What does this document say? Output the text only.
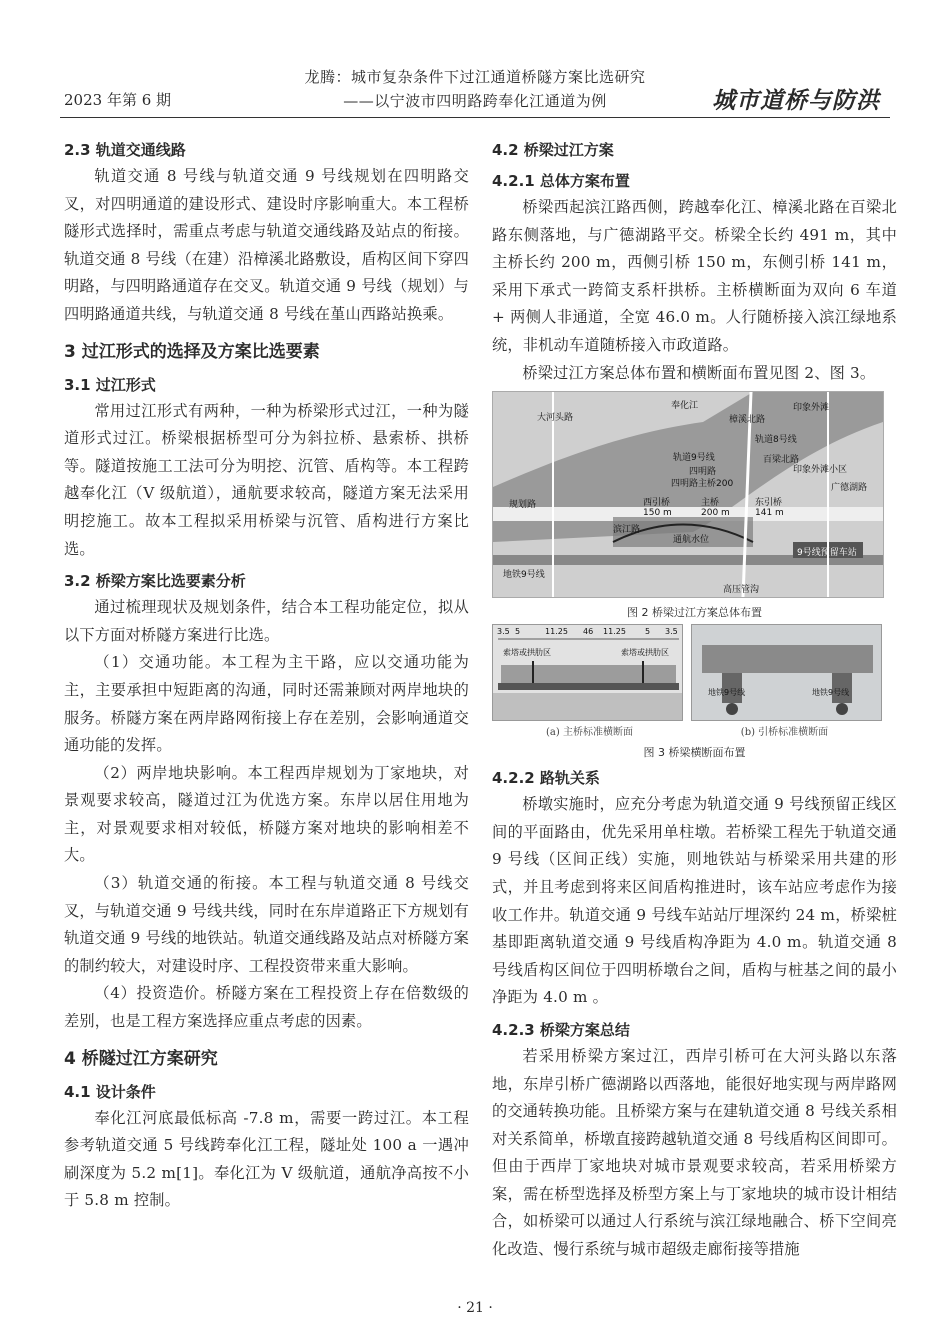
2023 年第 6 期
龙腾：城市复杂条件下过江通道桥隧方案比选研究
——以宁波市四明路跨奉化江通道为例	城市道桥与防洪
2.3 轨道交通线路

轨道交通 8 号线与轨道交通 9 号线规划在四明路交叉，对四明通道的建设形式、建设时序影响重大。本工程桥隧形式选择时，需重点考虑与轨道交通线路及站点的衔接。轨道交通 8 号线（在建）沿樟溪北路敷设，盾构区间下穿四明路，与四明路通道存在交叉。轨道交通 9 号线（规划）与四明路通道共线，与轨道交通 8 号线在堇山西路站换乘。

3 过江形式的选择及方案比选要素
3.1 过江形式

常用过江形式有两种，一种为桥梁形式过江，一种为隧道形式过江。桥梁根据桥型可分为斜拉桥、悬索桥、拱桥等。隧道按施工工法可分为明挖、沉管、盾构等。本工程跨越奉化江（V 级航道），通航要求较高，隧道方案无法采用明挖施工。故本工程拟采用桥梁与沉管、盾构进行方案比选。

3.2 桥梁方案比选要素分析

通过梳理现状及规划条件，结合本工程功能定位，拟从以下方面对桥隧方案进行比选。

（1）交通功能。本工程为主干路，应以交通功能为主，主要承担中短距离的沟通，同时还需兼顾对两岸地块的服务。桥隧方案在两岸路网衔接上存在差别，会影响通道交通功能的发挥。

（2）两岸地块影响。本工程西岸规划为丁家地块，对景观要求较高，隧道过江为优选方案。东岸以居住用地为主，对景观要求相对较低，桥隧方案对地块的影响相差不大。

（3）轨道交通的衔接。本工程与轨道交通 8 号线交叉，与轨道交通 9 号线共线，同时在东岸道路正下方规划有轨道交通 9 号线的地铁站。轨道交通线路及站点对桥隧方案的制约较大，对建设时序、工程投资带来重大影响。

（4）投资造价。桥隧方案在工程投资上存在倍数级的差别，也是工程方案选择应重点考虑的因素。

4 桥隧过江方案研究
4.1 设计条件

奉化江河底最低标高 -7.8 m，需要一跨过江。本工程参考轨道交通 5 号线跨奉化江工程，隧址处 100 a 一遇冲刷深度为 5.2 m[1]。奉化江为 V 级航道，通航净高按不小于 5.8 m 控制。

4.2 桥梁过江方案
4.2.1 总体方案布置

桥梁西起滨江路西侧，跨越奉化江、樟溪北路在百梁北路东侧落地，与广德湖路平交。桥梁全长约 491 m，其中主桥长约 200 m，西侧引桥 150 m，东侧引桥 141 m，采用下承式一跨简支系杆拱桥。主桥横断面为双向 6 车道 + 两侧人非通道，全宽 46.0 m。人行随桥接入滨江绿地系统，非机动车道随桥接入市政道路。

桥梁过江方案总体布置和横断面布置见图 2、图 3。

大河头路
奉化江
轨道8号线
轨道9号线
印象外滩
四明路
四明路主桥200
西引桥	主桥	东引桥
150 m	200 m	141 m
地铁9号线
规划路
滨江路
百梁北路
樟溪北路
广德湖路
印象外滩小区
高压管沟
通航水位
9号线预留车站
图 2 桥梁过江方案总体布置
3.5 5	11.25 46 11.25 5 3.5
索塔或拱肋区	索塔或拱肋区
地铁9号线	地铁9号线
(a) 主桥标准横断面	(b) 引桥标准横断面
图 3 桥梁横断面布置
4.2.2 路轨关系

桥墩实施时，应充分考虑为轨道交通 9 号线预留正线区间的平面路由，优先采用单柱墩。若桥梁工程先于轨道交通 9 号线（区间正线）实施，则地铁站与桥梁采用共建的形式，并且考虑到将来区间盾构推进时，该车站应考虑作为接收工作井。轨道交通 9 号线车站站厅埋深约 24 m，桥梁桩基即距离轨道交通 9 号线盾构净距为 4.0 m。轨道交通 8 号线盾构区间位于四明桥墩台之间，盾构与桩基之间的最小净距为 4.0 m 。

4.2.3 桥梁方案总结

若采用桥梁方案过江，西岸引桥可在大河头路以东落地，东岸引桥广德湖路以西落地，能很好地实现与两岸路网的交通转换功能。且桥梁方案与在建轨道交通 8 号线关系相对关系简单，桥墩直接跨越轨道交通 8 号线盾构区间即可。但由于西岸丁家地块对城市景观要求较高，若采用桥梁方案，需在桥型选择及桥型方案上与丁家地块的城市设计相结合，如桥梁可以通过人行系统与滨江绿地融合、桥下空间亮化改造、慢行系统与城市超级走廊衔接等措施

· 21 ·
